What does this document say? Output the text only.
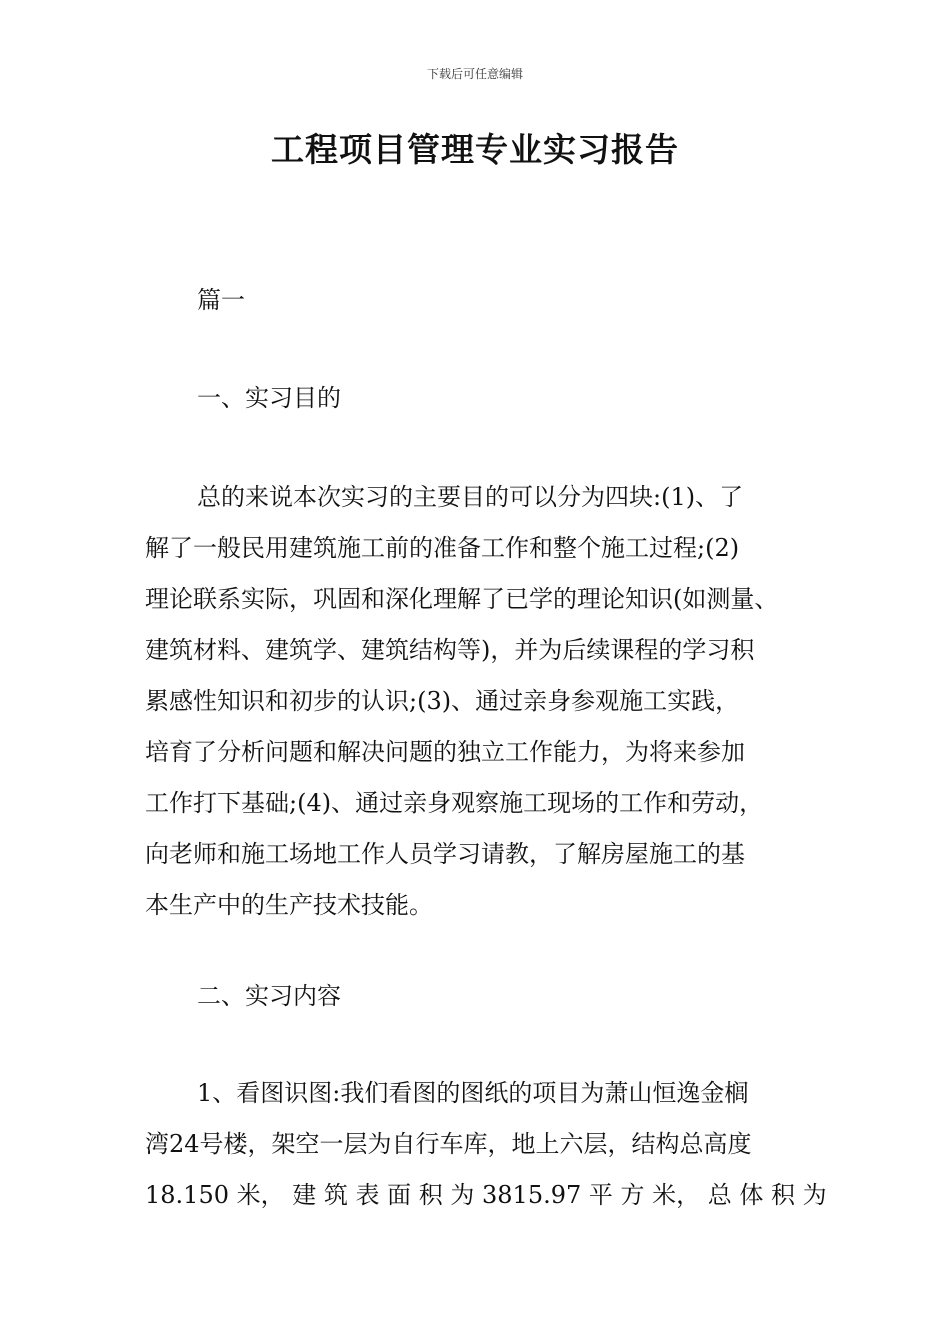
下载后可任意编辑
工程项目管理专业实习报告

篇一

一、实习目的

总的来说本次实习的主要目的可以分为四块:(1)、了
解了一般民用建筑施工前的准备工作和整个施工过程;(2)
理论联系实际，巩固和深化理解了已学的理论知识(如测量、
建筑材料、建筑学、建筑结构等)，并为后续课程的学习积
累感性知识和初步的认识;(3)、通过亲身参观施工实践，
培育了分析问题和解决问题的独立工作能力，为将来参加
工作打下基础;(4)、通过亲身观察施工现场的工作和劳动，
向老师和施工场地工作人员学习请教，了解房屋施工的基
本生产中的生产技术技能。

二、实习内容

1、看图识图:我们看图的图纸的项目为萧山恒逸金榈
湾24号楼，架空一层为自行车库，地上六层，结构总高度
18.150 米， 建 筑 表 面 积 为 3815.97 平 方 米， 总 体 积 为
